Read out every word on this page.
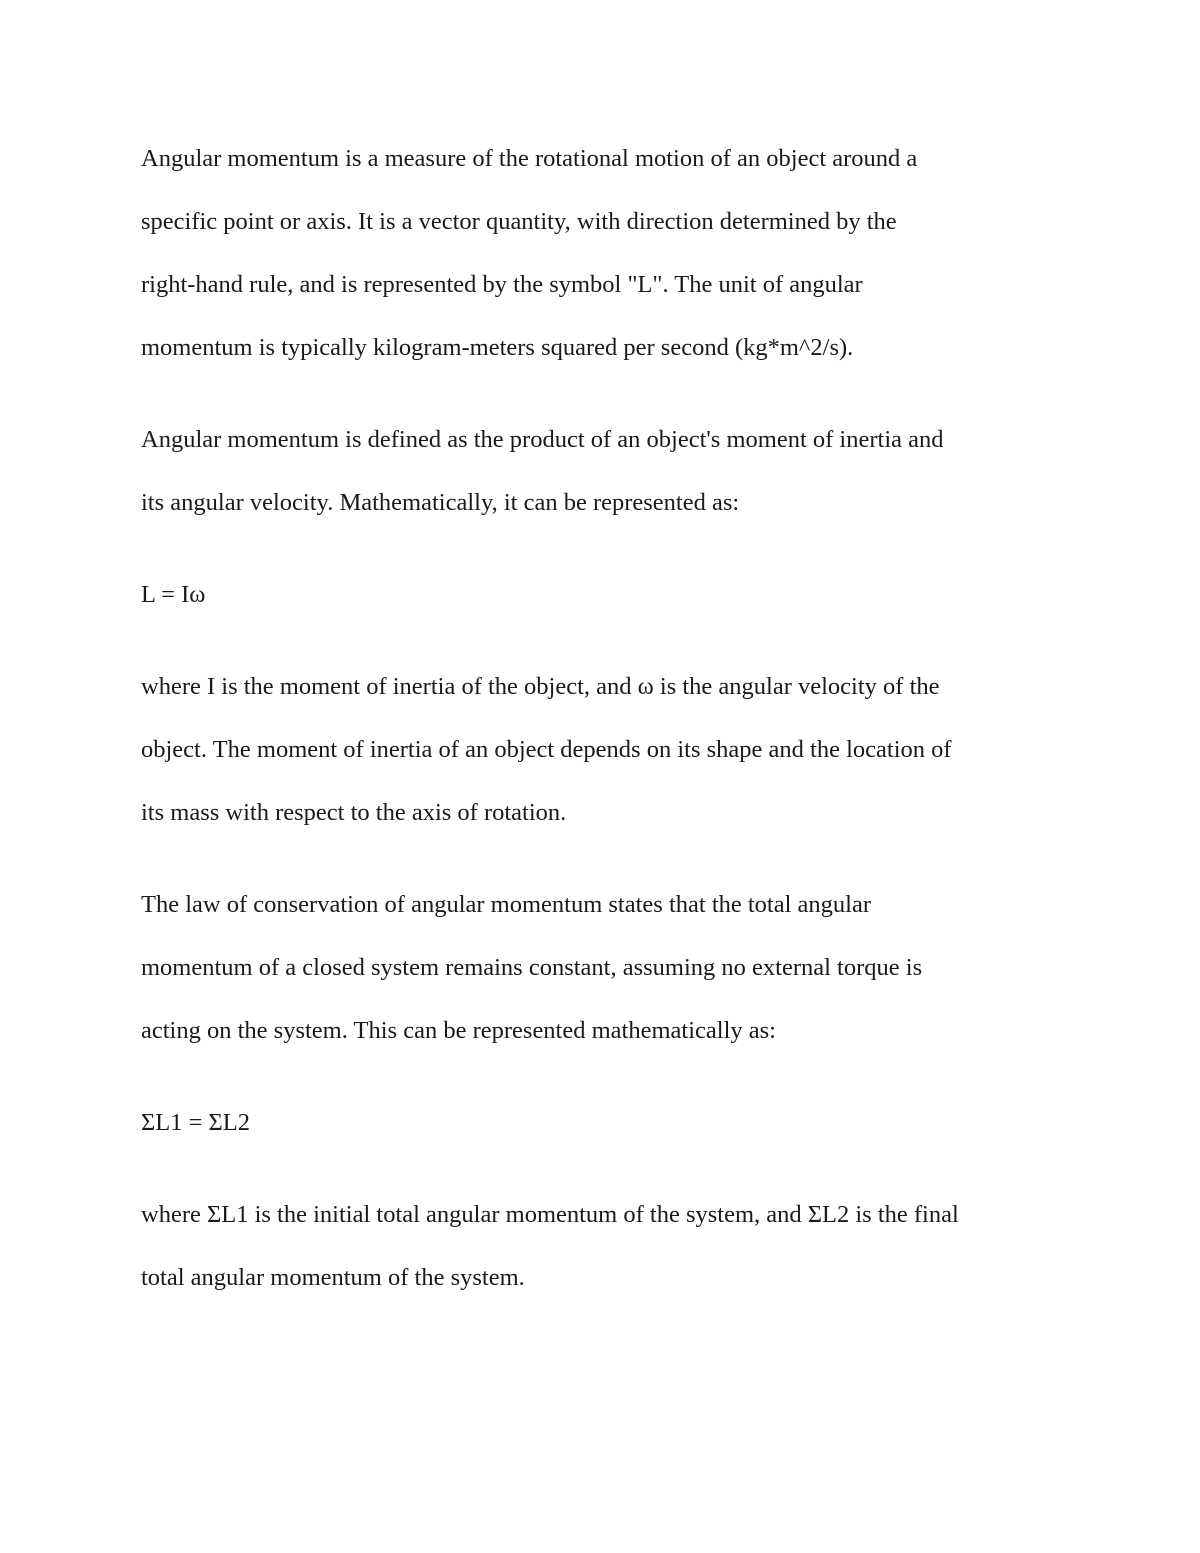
Angular momentum is a measure of the rotational motion of an object around a
specific point or axis. It is a vector quantity, with direction determined by the
right-hand rule, and is represented by the symbol "L". The unit of angular
momentum is typically kilogram-meters squared per second (kg*m^2/s).
Angular momentum is defined as the product of an object's moment of inertia and
its angular velocity. Mathematically, it can be represented as:
L = Iω
where I is the moment of inertia of the object, and ω is the angular velocity of the
object. The moment of inertia of an object depends on its shape and the location of
its mass with respect to the axis of rotation.
The law of conservation of angular momentum states that the total angular
momentum of a closed system remains constant, assuming no external torque is
acting on the system. This can be represented mathematically as:
ΣL1 = ΣL2
where ΣL1 is the initial total angular momentum of the system, and ΣL2 is the final
total angular momentum of the system.
